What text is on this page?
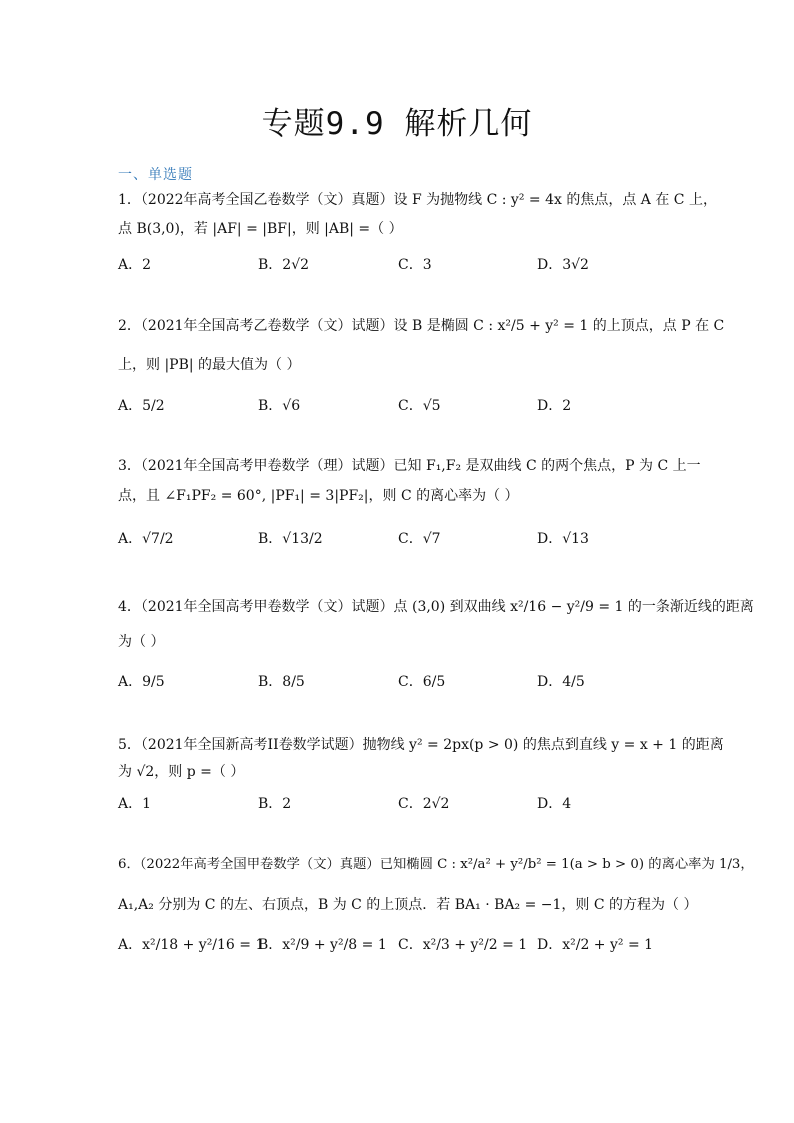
专题9.9 解析几何
一、单选题
1．（2022年高考全国乙卷数学（文）真题）设 F 为抛物线 C : y² = 4x 的焦点，点 A 在 C 上，
点 B(3,0)，若 |AF| = |BF|，则 |AB| =（ ）
A．2	B．2√2	C．3	D．3√2
2．（2021年全国高考乙卷数学（文）试题）设 B 是椭圆 C : x²/5 + y² = 1 的上顶点，点 P 在 C
上，则 |PB| 的最大值为（ ）
A．5/2	B．√6	C．√5	D．2
3．（2021年全国高考甲卷数学（理）试题）已知 F₁,F₂ 是双曲线 C 的两个焦点，P 为 C 上一
点，且 ∠F₁PF₂ = 60°, |PF₁| = 3|PF₂|，则 C 的离心率为（ ）
A．√7/2	B．√13/2	C．√7	D．√13
4．（2021年全国高考甲卷数学（文）试题）点 (3,0) 到双曲线 x²/16 − y²/9 = 1 的一条渐近线的距离
为（ ）
A．9/5	B．8/5	C．6/5	D．4/5
5．（2021年全国新高考II卷数学试题）抛物线 y² = 2px(p > 0) 的焦点到直线 y = x + 1 的距离
为 √2，则 p =（ ）
A．1	B．2	C．2√2	D．4
6．（2022年高考全国甲卷数学（文）真题）已知椭圆 C : x²/a² + y²/b² = 1(a > b > 0) 的离心率为 1/3，
A₁,A₂ 分别为 C 的左、右顶点，B 为 C 的上顶点．若 BA₁ · BA₂ = −1，则 C 的方程为（ ）
A．x²/18 + y²/16 = 1
B．x²/9 + y²/8 = 1 C．x²/3 + y²/2 = 1 D．x²/2 + y² = 1
